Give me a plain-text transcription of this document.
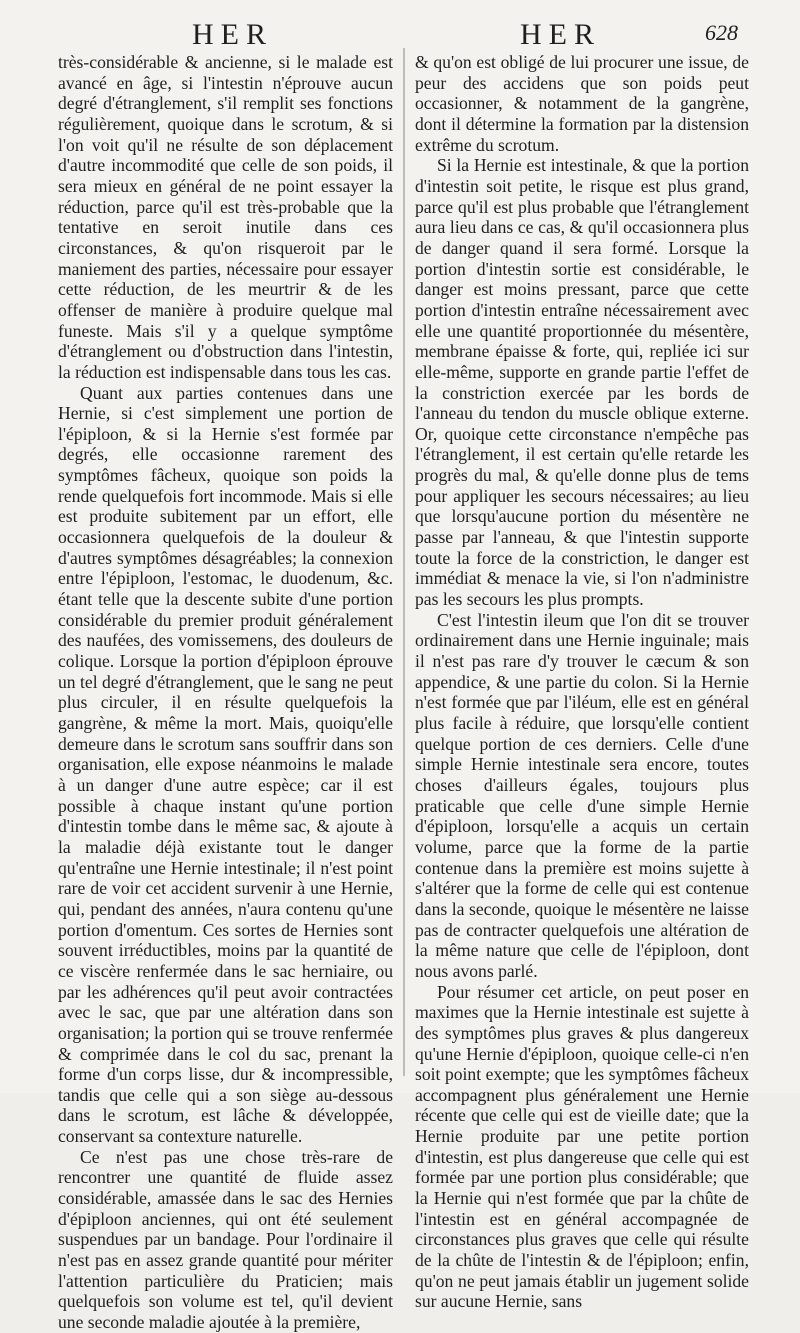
HER	HER	628

très-considérable & ancienne, si le malade est avancé en âge, si l'intestin n'éprouve aucun degré d'étranglement, s'il remplit ses fonctions régulièrement, quoique dans le scrotum, & si l'on voit qu'il ne résulte de son déplacement d'autre incommodité que celle de son poids, il sera mieux en général de ne point essayer la réduction, parce qu'il est très-probable que la tentative en seroit inutile dans ces circonstances, & qu'on risqueroit par le maniement des parties, nécessaire pour essayer cette réduction, de les meurtrir & de les offenser de manière à produire quelque mal funeste. Mais s'il y a quelque symptôme d'étranglement ou d'obstruction dans l'intestin, la réduction est indispensable dans tous les cas.

Quant aux parties contenues dans une Hernie, si c'est simplement une portion de l'épiploon, & si la Hernie s'est formée par degrés, elle occasionne rarement des symptômes fâcheux, quoique son poids la rende quelquefois fort incommode. Mais si elle est produite subitement par un effort, elle occasionnera quelquefois de la douleur & d'autres symptômes désagréables; la connexion entre l'épiploon, l'estomac, le duodenum, &c. étant telle que la descente subite d'une portion considérable du premier produit généralement des naufées, des vomissemens, des douleurs de colique. Lorsque la portion d'épiploon éprouve un tel degré d'étranglement, que le sang ne peut plus circuler, il en résulte quelquefois la gangrène, & même la mort. Mais, quoiqu'elle demeure dans le scrotum sans souffrir dans son organisation, elle expose néanmoins le malade à un danger d'une autre espèce; car il est possible à chaque instant qu'une portion d'intestin tombe dans le même sac, & ajoute à la maladie déjà existante tout le danger qu'entraîne une Hernie intestinale; il n'est point rare de voir cet accident survenir à une Hernie, qui, pendant des années, n'aura contenu qu'une portion d'omentum. Ces sortes de Hernies sont souvent irréductibles, moins par la quantité de ce viscère renfermée dans le sac herniaire, ou par les adhérences qu'il peut avoir contractées avec le sac, que par une altération dans son organisation; la portion qui se trouve renfermée & comprimée dans le col du sac, prenant la forme d'un corps lisse, dur & incompressible, tandis que celle qui a son siège au-dessous dans le scrotum, est lâche & développée, conservant sa contexture naturelle.

Ce n'est pas une chose très-rare de rencontrer une quantité de fluide assez considérable, amassée dans le sac des Hernies d'épiploon anciennes, qui ont été seulement suspendues par un bandage. Pour l'ordinaire il n'est pas en assez grande quantité pour mériter l'attention particulière du Praticien; mais quelquefois son volume est tel, qu'il devient une seconde maladie ajoutée à la première,

& qu'on est obligé de lui procurer une issue, de peur des accidens que son poids peut occasionner, & notamment de la gangrène, dont il détermine la formation par la distension extrême du scrotum.

Si la Hernie est intestinale, & que la portion d'intestin soit petite, le risque est plus grand, parce qu'il est plus probable que l'étranglement aura lieu dans ce cas, & qu'il occasionnera plus de danger quand il sera formé. Lorsque la portion d'intestin sortie est considérable, le danger est moins pressant, parce que cette portion d'intestin entraîne nécessairement avec elle une quantité proportionnée du mésentère, membrane épaisse & forte, qui, repliée ici sur elle-même, supporte en grande partie l'effet de la constriction exercée par les bords de l'anneau du tendon du muscle oblique externe. Or, quoique cette circonstance n'empêche pas l'étranglement, il est certain qu'elle retarde les progrès du mal, & qu'elle donne plus de tems pour appliquer les secours nécessaires; au lieu que lorsqu'aucune portion du mésentère ne passe par l'anneau, & que l'intestin supporte toute la force de la constriction, le danger est immédiat & menace la vie, si l'on n'administre pas les secours les plus prompts.

C'est l'intestin ileum que l'on dit se trouver ordinairement dans une Hernie inguinale; mais il n'est pas rare d'y trouver le cæcum & son appendice, & une partie du colon. Si la Hernie n'est formée que par l'iléum, elle est en général plus facile à réduire, que lorsqu'elle contient quelque portion de ces derniers. Celle d'une simple Hernie intestinale sera encore, toutes choses d'ailleurs égales, toujours plus praticable que celle d'une simple Hernie d'épiploon, lorsqu'elle a acquis un certain volume, parce que la forme de la partie contenue dans la première est moins sujette à s'altérer que la forme de celle qui est contenue dans la seconde, quoique le mésentère ne laisse pas de contracter quelquefois une altération de la même nature que celle de l'épiploon, dont nous avons parlé.

Pour résumer cet article, on peut poser en maximes que la Hernie intestinale est sujette à des symptômes plus graves & plus dangereux qu'une Hernie d'épiploon, quoique celle-ci n'en soit point exempte; que les symptômes fâcheux accompagnent plus généralement une Hernie récente que celle qui est de vieille date; que la Hernie produite par une petite portion d'intestin, est plus dangereuse que celle qui est formée par une portion plus considérable; que la Hernie qui n'est formée que par la chûte de l'intestin est en général accompagnée de circonstances plus graves que celle qui résulte de la chûte de l'intestin & de l'épiploon; enfin, qu'on ne peut jamais établir un jugement solide sur aucune Hernie, sans
